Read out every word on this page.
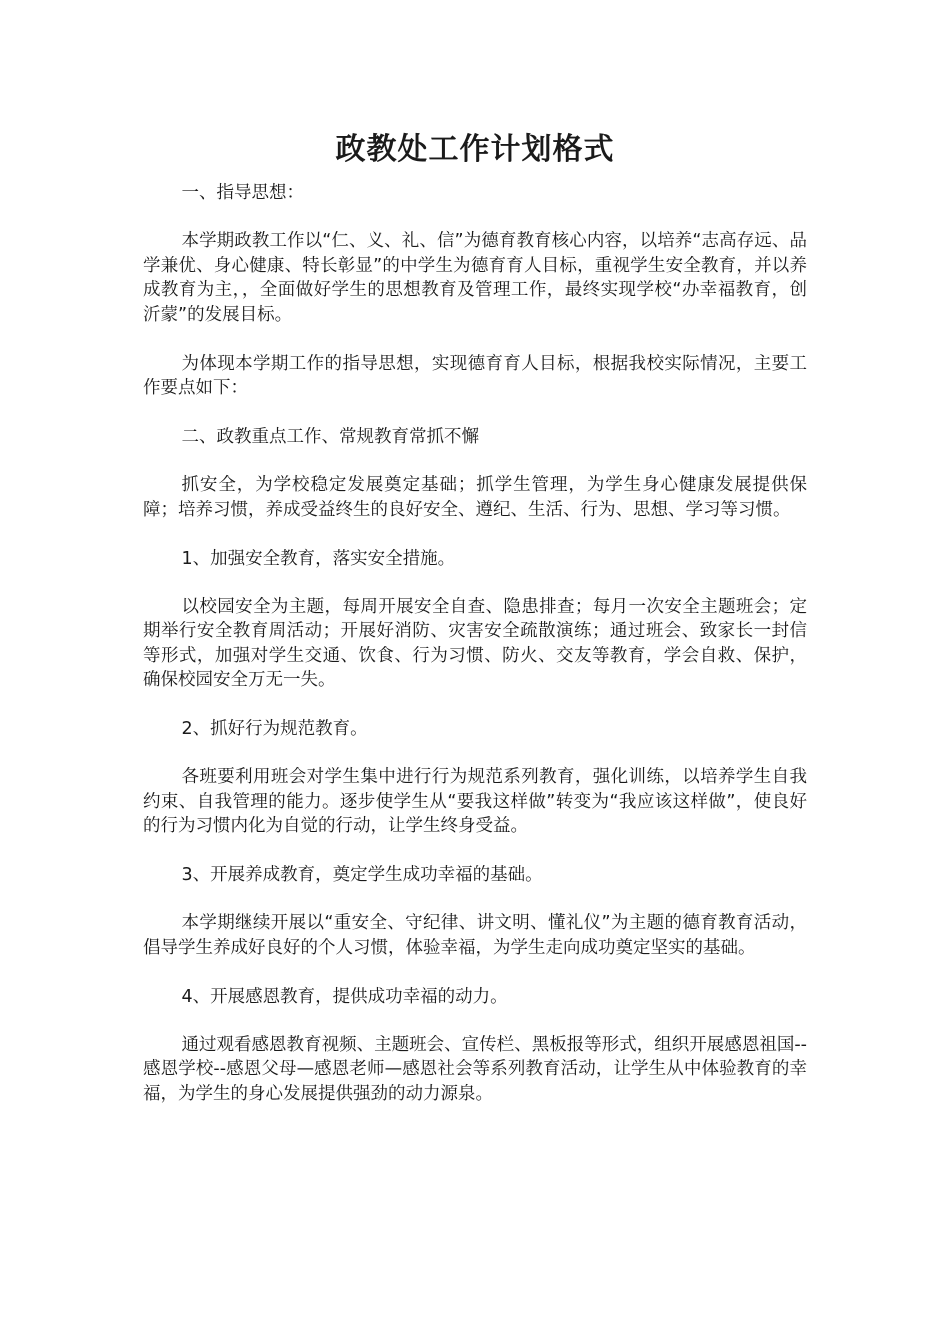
政教处工作计划格式

一、指导思想：

本学期政教工作以“仁、义、礼、信”为德育教育核心内容，以培养“志高存远、品学兼优、身心健康、特长彰显”的中学生为德育育人目标，重视学生安全教育，并以养成教育为主，，全面做好学生的思想教育及管理工作，最终实现学校“办幸福教育，创沂蒙”的发展目标。

为体现本学期工作的指导思想，实现德育育人目标，根据我校实际情况，主要工作要点如下：

二、政教重点工作、常规教育常抓不懈

抓安全，为学校稳定发展奠定基础；抓学生管理，为学生身心健康发展提供保障；培养习惯，养成受益终生的良好安全、遵纪、生活、行为、思想、学习等习惯。

1、加强安全教育，落实安全措施。

以校园安全为主题，每周开展安全自查、隐患排查；每月一次安全主题班会；定期举行安全教育周活动；开展好消防、灾害安全疏散演练；通过班会、致家长一封信等形式，加强对学生交通、饮食、行为习惯、防火、交友等教育，学会自救、保护，确保校园安全万无一失。

2、抓好行为规范教育。

各班要利用班会对学生集中进行行为规范系列教育，强化训练，以培养学生自我约束、自我管理的能力。逐步使学生从“要我这样做”转变为“我应该这样做”，使良好的行为习惯内化为自觉的行动，让学生终身受益。

3、开展养成教育，奠定学生成功幸福的基础。

本学期继续开展以“重安全、守纪律、讲文明、懂礼仪”为主题的德育教育活动，倡导学生养成好良好的个人习惯，体验幸福，为学生走向成功奠定坚实的基础。

4、开展感恩教育，提供成功幸福的动力。

通过观看感恩教育视频、主题班会、宣传栏、黑板报等形式，组织开展感恩祖国--感恩学校--感恩父母—感恩老师—感恩社会等系列教育活动，让学生从中体验教育的幸福，为学生的身心发展提供强劲的动力源泉。
